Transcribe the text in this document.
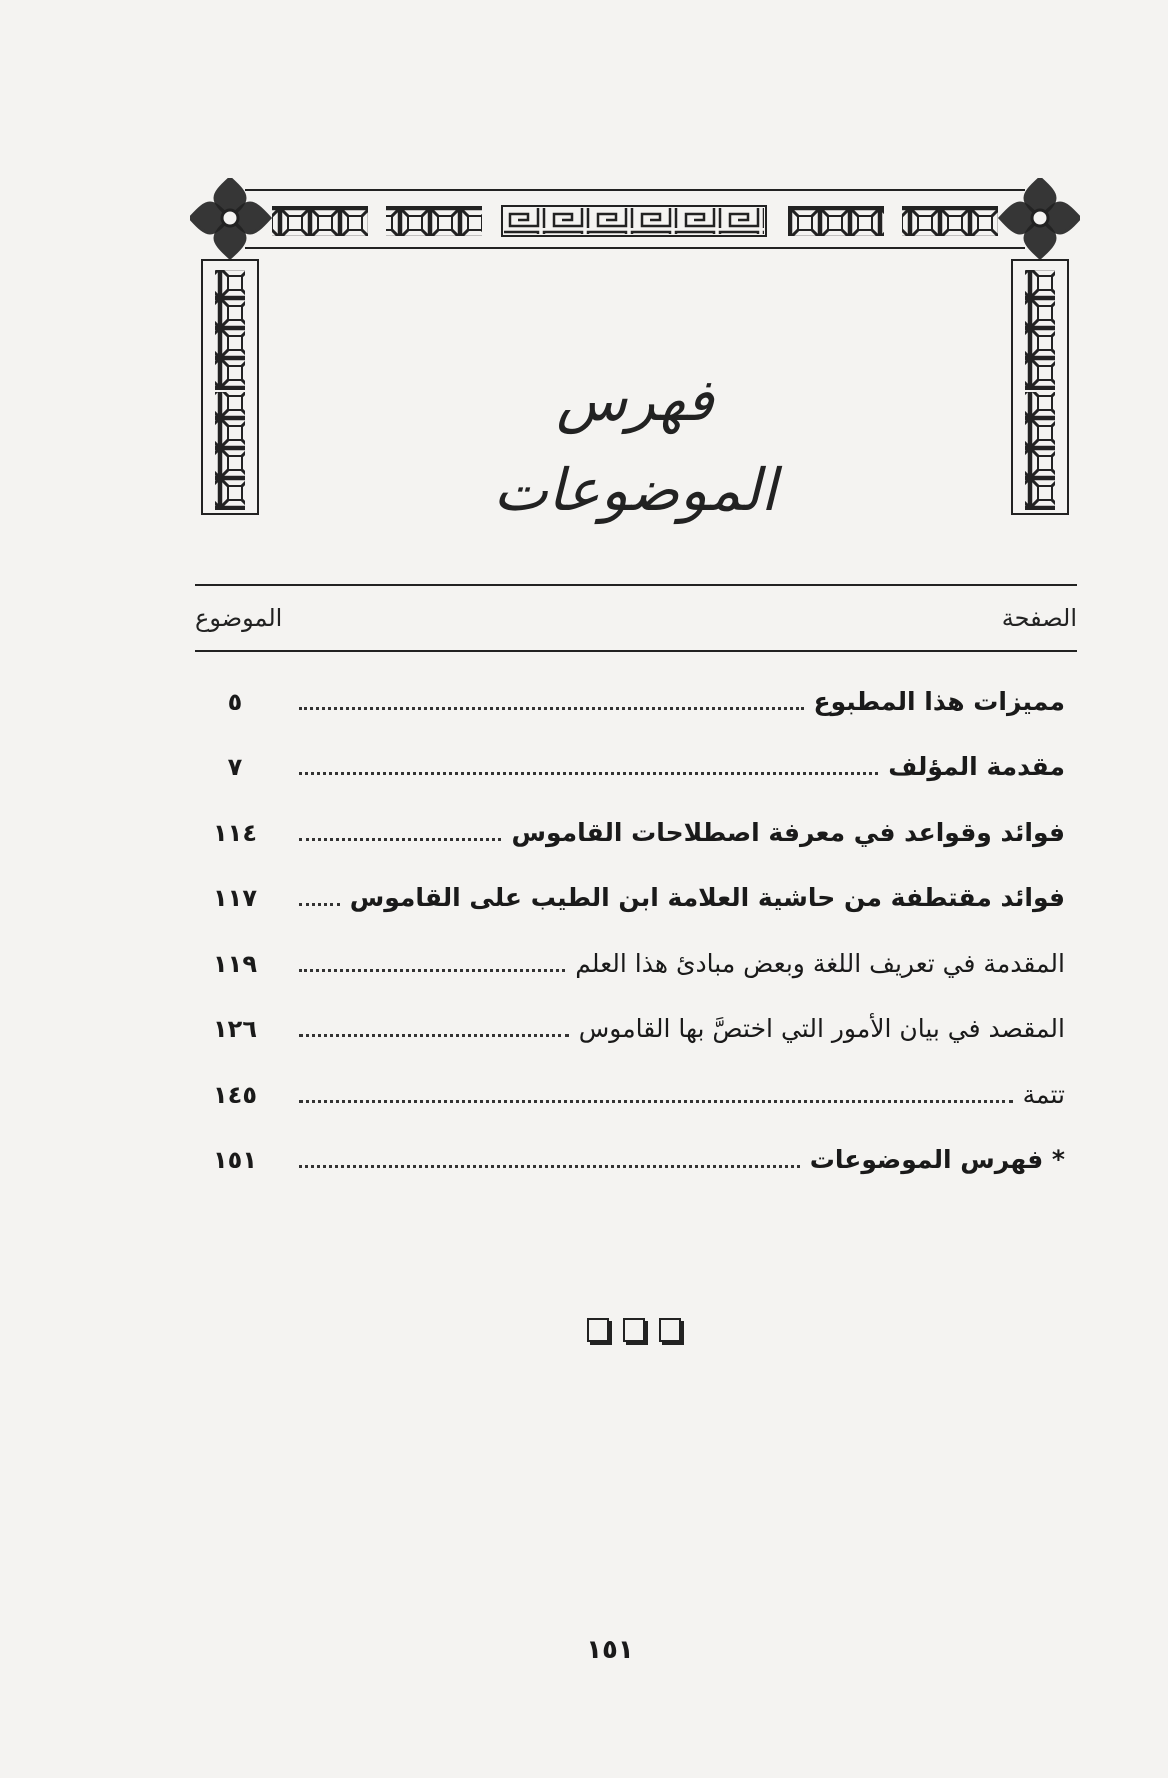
فهرس الموضوعات
الموضوع	الصفحة
٥	مميزات هذا المطبوع
٧	مقدمة المؤلف
١١٤	فوائد وقواعد في معرفة اصطلاحات القاموس
١١٧	فوائد مقتطفة من حاشية العلامة ابن الطيب على القاموس
١١٩	المقدمة في تعريف اللغة وبعض مبادئ هذا العلم
١٢٦	المقصد في بيان الأمور التي اختصَّ بها القاموس
١٤٥	تتمة
١٥١	* فهرس الموضوعات
١٥١
